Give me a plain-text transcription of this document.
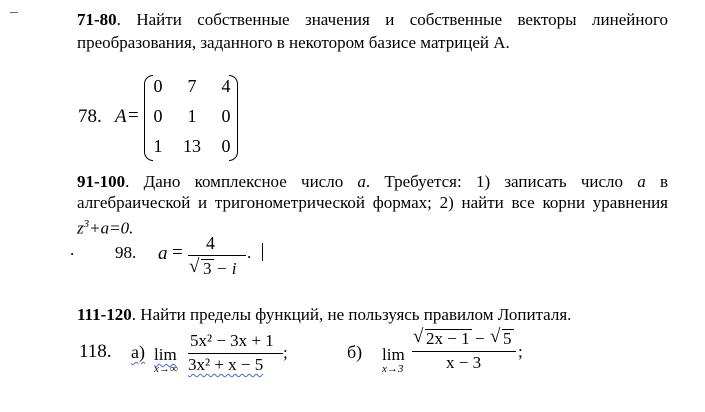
71-80. Найти собственные значения и собственные векторы линейного
преобразования, заданного в некотором базисе матрицей А.
78. A =
0	7	4
0	1	0
1	13	0
91-100. Дано комплексное число a. Требуется: 1) записать число a в
алгебраической и тригонометрической формах; 2) найти все корни уравнения
$z^3+a=0$.
. 98. a = 4
√ 3 − i
.
111-120. Найти пределы функций, не пользуясь правилом Лопиталя.
118. а) lim
x→∞
5x² − 3x + 1
3x² + x − 5
;	б) lim
x→3
√ 2x − 1 − √ 5
x − 3
;
